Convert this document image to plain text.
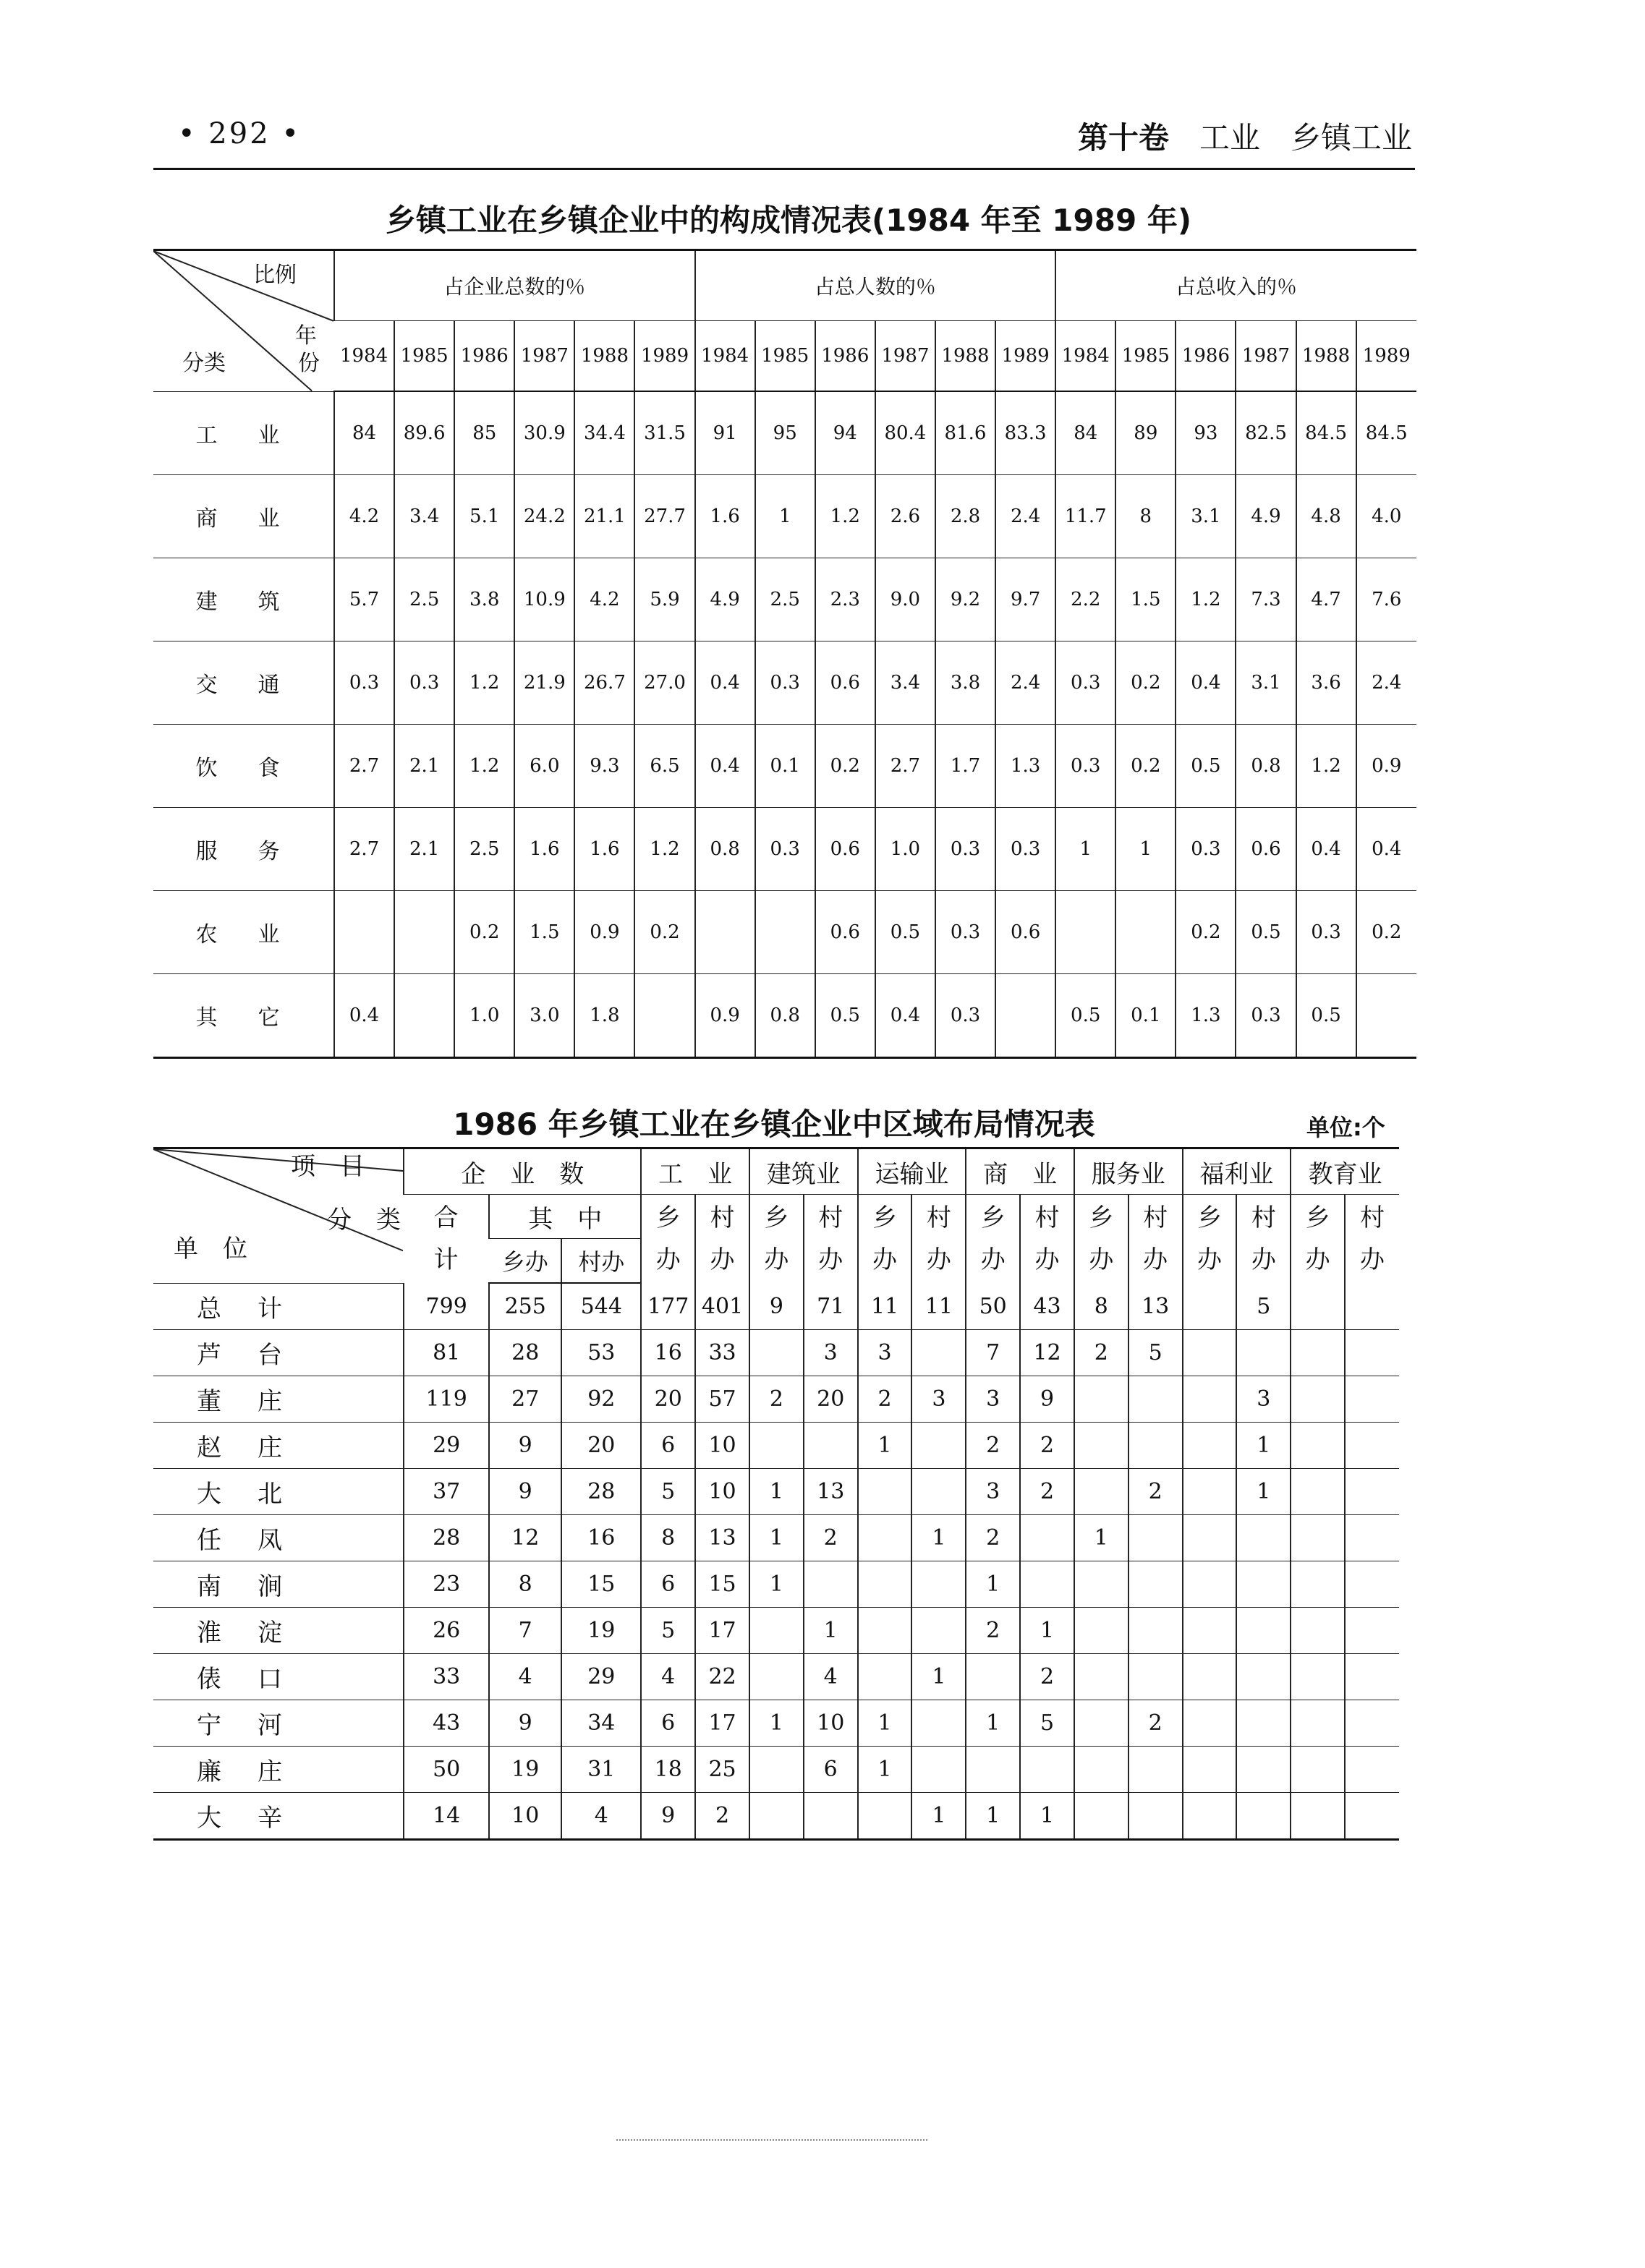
• 292 •	第十卷　 工业　乡镇工业
乡镇工业在乡镇企业中的构成情况表(1984 年至 1989 年)
比例
年
分类 份	占企业总数的％						占总人数的％						占总收入的％					
	1984	1985	1986	1987	1988	1989	1984	1985	1986	1987	1988	1989	1984	1985	1986	1987	1988	1989
工业	84	89.6	85	30.9	34.4	31.5	91	95	94	80.4	81.6	83.3	84	89	93	82.5	84.5	84.5
商业	4.2	3.4	5.1	24.2	21.1	27.7	1.6	1	1.2	2.6	2.8	2.4	11.7	8	3.1	4.9	4.8	4.0
建筑	5.7	2.5	3.8	10.9	4.2	5.9	4.9	2.5	2.3	9.0	9.2	9.7	2.2	1.5	1.2	7.3	4.7	7.6
交通	0.3	0.3	1.2	21.9	26.7	27.0	0.4	0.3	0.6	3.4	3.8	2.4	0.3	0.2	0.4	3.1	3.6	2.4
饮食	2.7	2.1	1.2	6.0	9.3	6.5	0.4	0.1	0.2	2.7	1.7	1.3	0.3	0.2	0.5	0.8	1.2	0.9
服务	2.7	2.1	2.5	1.6	1.6	1.2	0.8	0.3	0.6	1.0	0.3	0.3	1	1	0.3	0.6	0.4	0.4
农业			0.2	1.5	0.9	0.2			0.6	0.5	0.3	0.6			0.2	0.5	0.3	0.2
其它	0.4		1.0	3.0	1.8		0.9	0.8	0.5	0.4	0.3		0.5	0.1	1.3	0.3	0.5	
1986 年乡镇工业在乡镇企业中区域布局情况表	单位:个
项　目
分　类
单　位	企　业　数			工　业		建筑业		运输业		商　业		服务业		福利业		教育业	
	合计	其　中		乡办	村办	乡办	村办	乡办	村办	乡办	村办	乡办	村办	乡办	村办	乡办	村办
		乡办	村办														
总计	799	255	544	177	401	9	71	11	11	50	43	8	13		5		
芦台	81	28	53	16	33		3	3		7	12	2	5				
董庄	119	27	92	20	57	2	20	2	3	3	9				3		
赵庄	29	9	20	6	10			1		2	2				1		
大北	37	9	28	5	10	1	13			3	2		2		1		
任凤	28	12	16	8	13	1	2		1	2		1					
南涧	23	8	15	6	15	1				1							
淮淀	26	7	19	5	17		1			2	1						
俵口	33	4	29	4	22		4		1		2						
宁河	43	9	34	6	17	1	10	1		1	5		2				
廉庄	50	19	31	18	25		6	1									
大辛	14	10	4	9	2				1	1	1						
